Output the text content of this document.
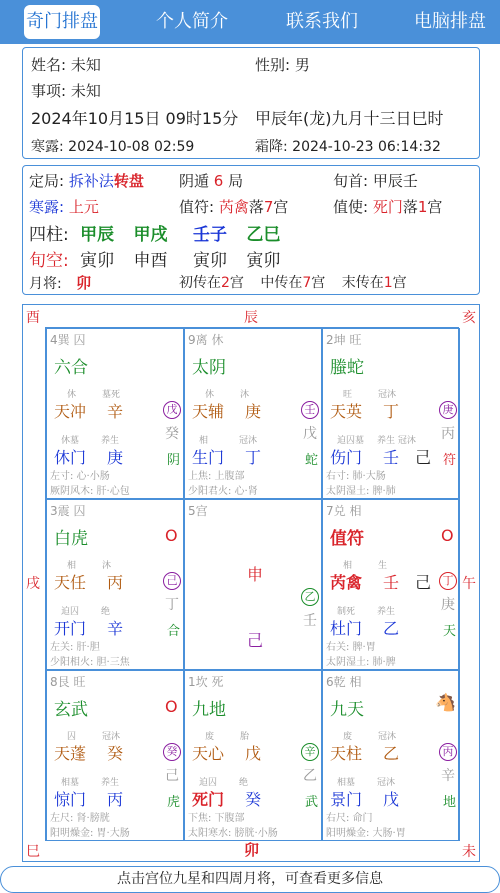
奇门排盘	个人简介	联系我们	电脑排盘
姓名: 未知	性别: 男
事项: 未知
2024年10月15日 09时15分 甲辰年(龙)九月十三日巳时
寒露: 2024-10-08 02:59	霜降: 2024-10-23 06:14:32
定局: 拆补法转盘 阴遁 6 局	旬首: 甲辰壬
寒露: 上元	值符: 芮禽落7宫	值使: 死门落1宫
四柱: 甲辰 甲戌 壬子 乙巳
旬空: 寅卯 申酉 寅卯 寅卯
月将: 卯	初传在2宫 中传在7宫 末传在1宫
酉	辰	亥
戌	午
巳	卯	未
4巽 囚
六合
休	墓死
天冲 辛	戊
癸
休墓 养生
休门 庚	阴
左寸: 心·小肠
厥阴风木: 肝·心包
9离 休
太阴
休	沐
天辅 庚	壬
戊
相	冠沐
生门 丁	蛇
上焦: 上腹部
少阳君火: 心·肾
2坤 旺
螣蛇
旺	冠沐
天英 丁	庚
丙
迫囚墓 养生 冠沐
伤门 壬 己 符
右寸: 肺·大肠
太阴湿土: 脾·肺
3震 囚
白虎	O
相	沐
天任 丙	己
丁
迫囚 绝
开门 辛	合
左关: 肝·胆
少阳相火: 胆·三焦
5宫
申
己
乙
壬
7兑 相
值符	O
相	生
芮禽 壬 己	丁
庚
制死 养生
杜门 乙	天
右关: 脾·胃
太阴湿土: 肺·脾
8艮 旺
玄武	O
囚	冠沐
天蓬 癸	癸
己
相墓 养生
惊门 丙	虎
左尺: 肾·膀胱
阳明燥金: 胃·大肠
1坎 死
九地
废	胎
天心 戊	辛
乙
迫囚 绝
死门 癸	武
下焦: 下腹部
太阳寒水: 膀胱·小肠
6乾 相
九天	🐴
废	冠沐
天柱 乙	丙
辛
相墓 冠沐
景门 戊	地
右尺: 命门
阳明燥金: 大肠·胃
点击宫位九星和四周月将，可查看更多信息
